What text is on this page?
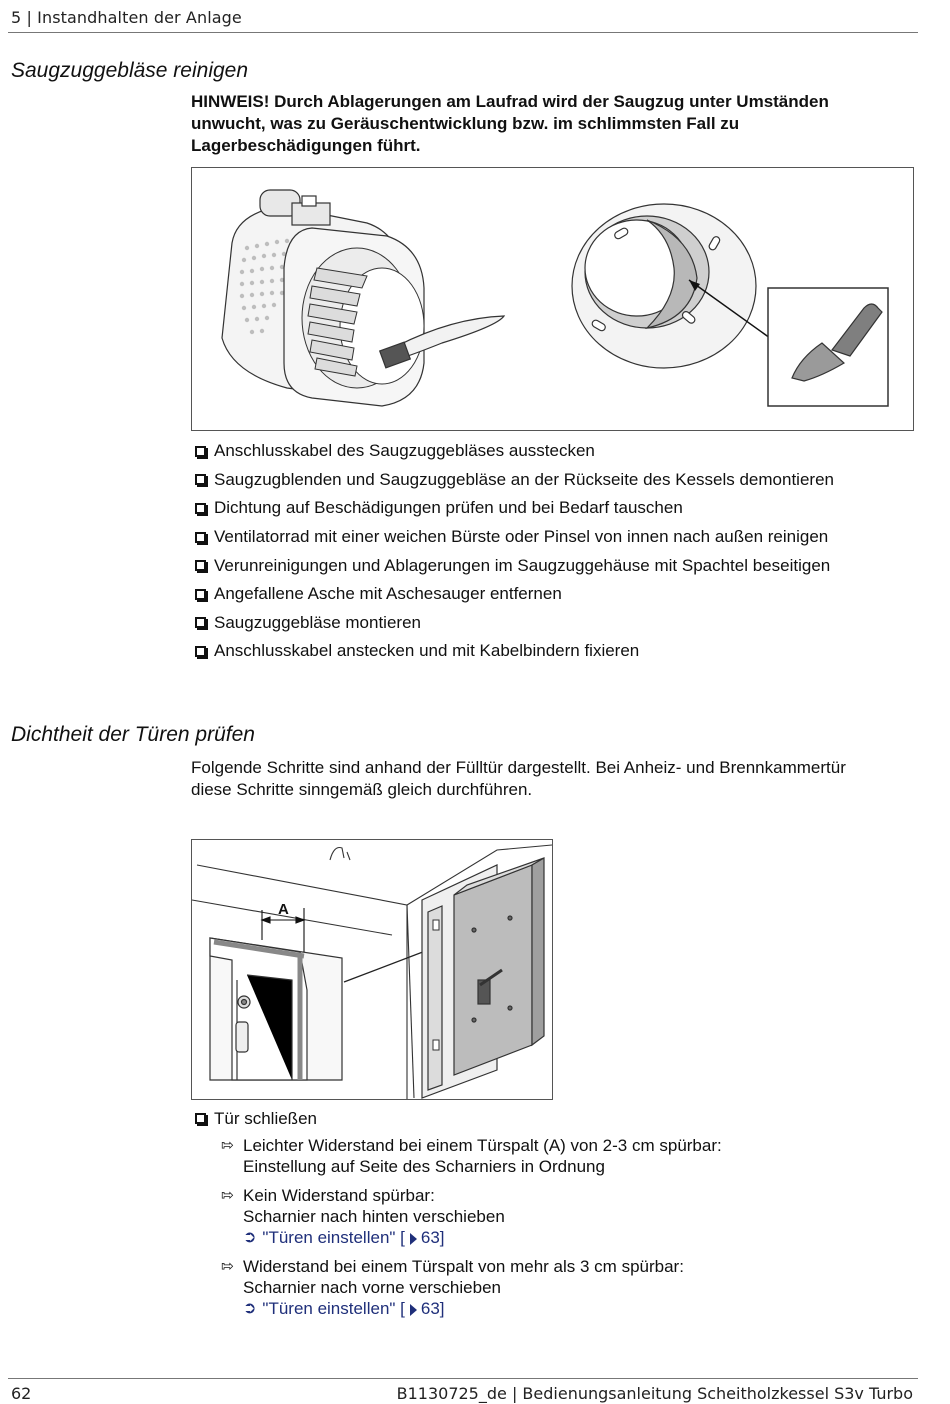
5 | Instandhalten der Anlage
Saugzuggebläse reinigen
HINWEIS! Durch Ablagerungen am Laufrad wird der Saugzug unter Umständen
unwucht, was zu Geräuschentwicklung bzw. im schlimmsten Fall zu
Lagerbeschädigungen führt.
Anschlusskabel des Saugzuggebläses ausstecken
Saugzugblenden und Saugzuggebläse an der Rückseite des Kessels demontieren
Dichtung auf Beschädigungen prüfen und bei Bedarf tauschen
Ventilatorrad mit einer weichen Bürste oder Pinsel von innen nach außen reinigen
Verunreinigungen und Ablagerungen im Saugzuggehäuse mit Spachtel beseitigen
Angefallene Asche mit Aschesauger entfernen
Saugzuggebläse montieren
Anschlusskabel anstecken und mit Kabelbindern fixieren
Dichtheit der Türen prüfen
Folgende Schritte sind anhand der Fülltür dargestellt. Bei Anheiz- und Brennkammertür
diese Schritte sinngemäß gleich durchführen.
A
Tür schließen
⇰ Leichter Widerstand bei einem Türspalt (A) von 2-3 cm spürbar:
Einstellung auf Seite des Scharniers in Ordnung
⇰ Kein Widerstand spürbar:
Scharnier nach hinten verschieben
➲ "Türen einstellen" [ 63]
⇰ Widerstand bei einem Türspalt von mehr als 3 cm spürbar:
Scharnier nach vorne verschieben
➲ "Türen einstellen" [ 63]
62	B1130725_de | Bedienungsanleitung Scheitholzkessel S3v Turbo
